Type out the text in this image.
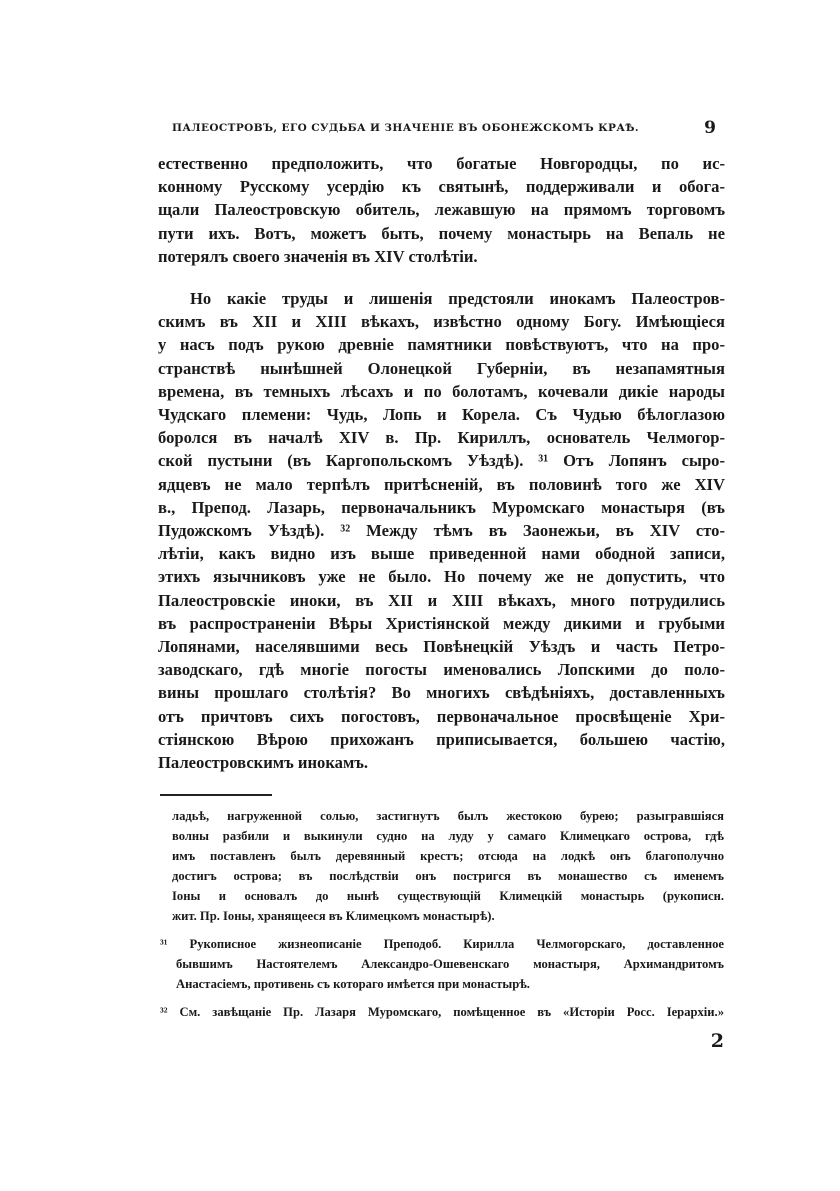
ПАЛЕОСТРОВЪ, ЕГО СУДЬБА И ЗНАЧЕНІЕ ВЪ ОБОНЕЖСКОМЪ КРАѢ.	9
естественно предположить, что богатые Новгородцы, по ис-
конному Русскому усердію къ святынѣ, поддерживали и обога-
щали Палеостровскую обитель, лежавшую на прямомъ торговомъ
пути ихъ. Вотъ, можетъ быть, почему монастырь на Вепаль не
потерялъ своего значенія въ XIV столѣтіи.
Но какіе труды и лишенія предстояли инокамъ Палеостров-
скимъ въ XII и XIII вѣкахъ, извѣстно одному Богу. Имѣющіеся
у насъ подъ рукою древніе памятники повѣствуютъ, что на про-
странствѣ нынѣшней Олонецкой Губерніи, въ незапамятныя
времена, въ темныхъ лѣсахъ и по болотамъ, кочевали дикіе народы
Чудскаго племени: Чудь, Лопь и Корела. Съ Чудью бѣлоглазою
боролся въ началѣ XIV в. Пр. Кириллъ, основатель Челмогор-
ской пустыни (въ Каргопольскомъ Уѣздѣ). ³¹ Отъ Лопянъ сыро-
ядцевъ не мало терпѣлъ притѣсненій, въ половинѣ того же XIV
в., Препод. Лазарь, первоначальникъ Муромскаго монастыря (въ
Пудожскомъ Уѣздѣ). ³² Между тѣмъ въ Заонежьи, въ XIV сто-
лѣтіи, какъ видно изъ выше приведенной нами ободной записи,
этихъ язычниковъ уже не было. Но почему же не допустить, что
Палеостровскіе иноки, въ XII и XIII вѣкахъ, много потрудились
въ распространеніи Вѣры Христіянской между дикими и грубыми
Лопянами, населявшими весь Повѣнецкій Уѣздъ и часть Петро-
заводскаго, гдѣ многіе погосты именовались Лопскими до поло-
вины прошлаго столѣтія? Во многихъ свѣдѣніяхъ, доставленныхъ
отъ причтовъ сихъ погостовъ, первоначальное просвѣщеніе Хри-
стіянскою Вѣрою прихожанъ приписывается, большею частію,
Палеостровскимъ инокамъ.
ладьѣ, нагруженной солью, застигнутъ былъ жестокою бурею; разыгравшіяся
волны разбили и выкинули судно на луду у самаго Климецкаго острова, гдѣ
имъ поставленъ былъ деревянный крестъ; отсюда на лодкѣ онъ благополучно
достигъ острова; въ послѣдствіи онъ постригся въ монашество съ именемъ
Іоны и основалъ до нынѣ существующій Климецкій монастырь (рукописн.
жит. Пр. Іоны, хранящееся въ Климецкомъ монастырѣ).
³¹ Рукописное жизнеописаніе Преподоб. Кирилла Челмогорскаго, доставленное
бывшимъ Настоятелемъ Александро-Ошевенскаго монастыря, Архимандритомъ
Анастасіемъ, противень съ котораго имѣется при монастырѣ.
³² См. завѣщаніе Пр. Лазаря Муромскаго, помѣщенное въ «Исторіи Росс. Іерархіи.»
2
